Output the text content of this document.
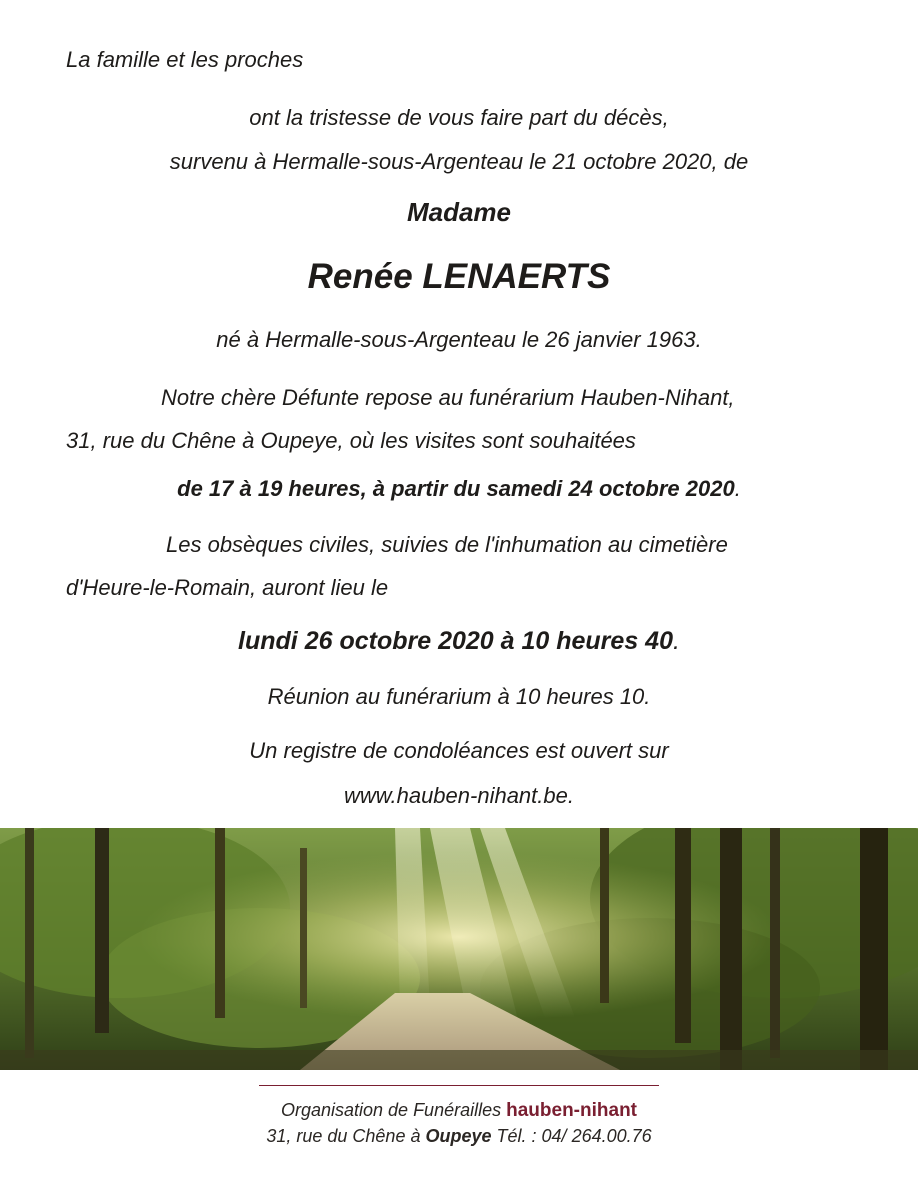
La famille et les proches
ont la tristesse de vous faire part du décès,
survenu à Hermalle-sous-Argenteau le 21 octobre 2020, de
Madame
Renée LENAERTS
né à Hermalle-sous-Argenteau le 26 janvier 1963.
Notre chère Défunte repose au funérarium Hauben-Nihant,
31, rue du Chêne à Oupeye, où les visites sont souhaitées
de 17 à 19 heures, à partir du samedi 24 octobre 2020.
Les obsèques civiles, suivies de l'inhumation au cimetière
d'Heure-le-Romain, auront lieu le
lundi 26 octobre 2020 à 10 heures 40.
Réunion au funérarium à 10 heures 10.
Un registre de condoléances est ouvert sur
www.hauben-nihant.be.
Organisation de Funérailles hauben-nihant
31, rue du Chêne à Oupeye Tél. : 04/ 264.00.76
